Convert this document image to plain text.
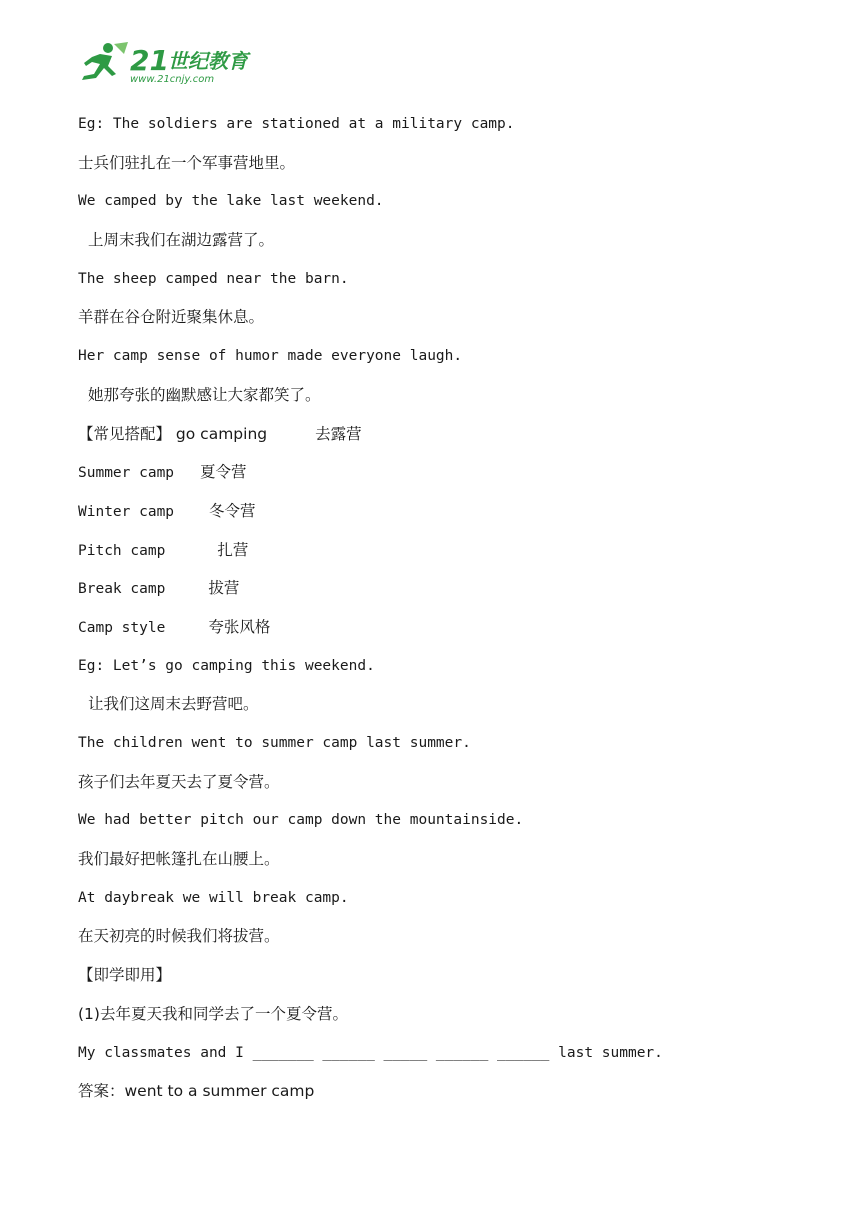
21 世纪教育
www.21cnjy.com
Eg: The soldiers are stationed at a military camp.
士兵们驻扎在一个军事营地里。
We camped by the lake last weekend.
上周末我们在湖边露营了。
The sheep camped near the barn.
羊群在谷仓附近聚集休息。
Her camp sense of humor made everyone laugh.
她那夸张的幽默感让大家都笑了。
【常见搭配】 go camping	去露营
Summer camp 夏令营
Winter camp 冬令营
Pitch camp	扎营
Break camp	拔营
Camp style	夸张风格
Eg: Let’s go camping this weekend.
让我们这周末去野营吧。
The children went to summer camp last summer.
孩子们去年夏天去了夏令营。
We had better pitch our camp down the mountainside.
我们最好把帐篷扎在山腰上。
At daybreak we will break camp.
在天初亮的时候我们将拔营。
【即学即用】
(1)去年夏天我和同学去了一个夏令营。
My classmates and I _______ ______ _____ ______ ______ last summer.
答案：went to a summer camp
